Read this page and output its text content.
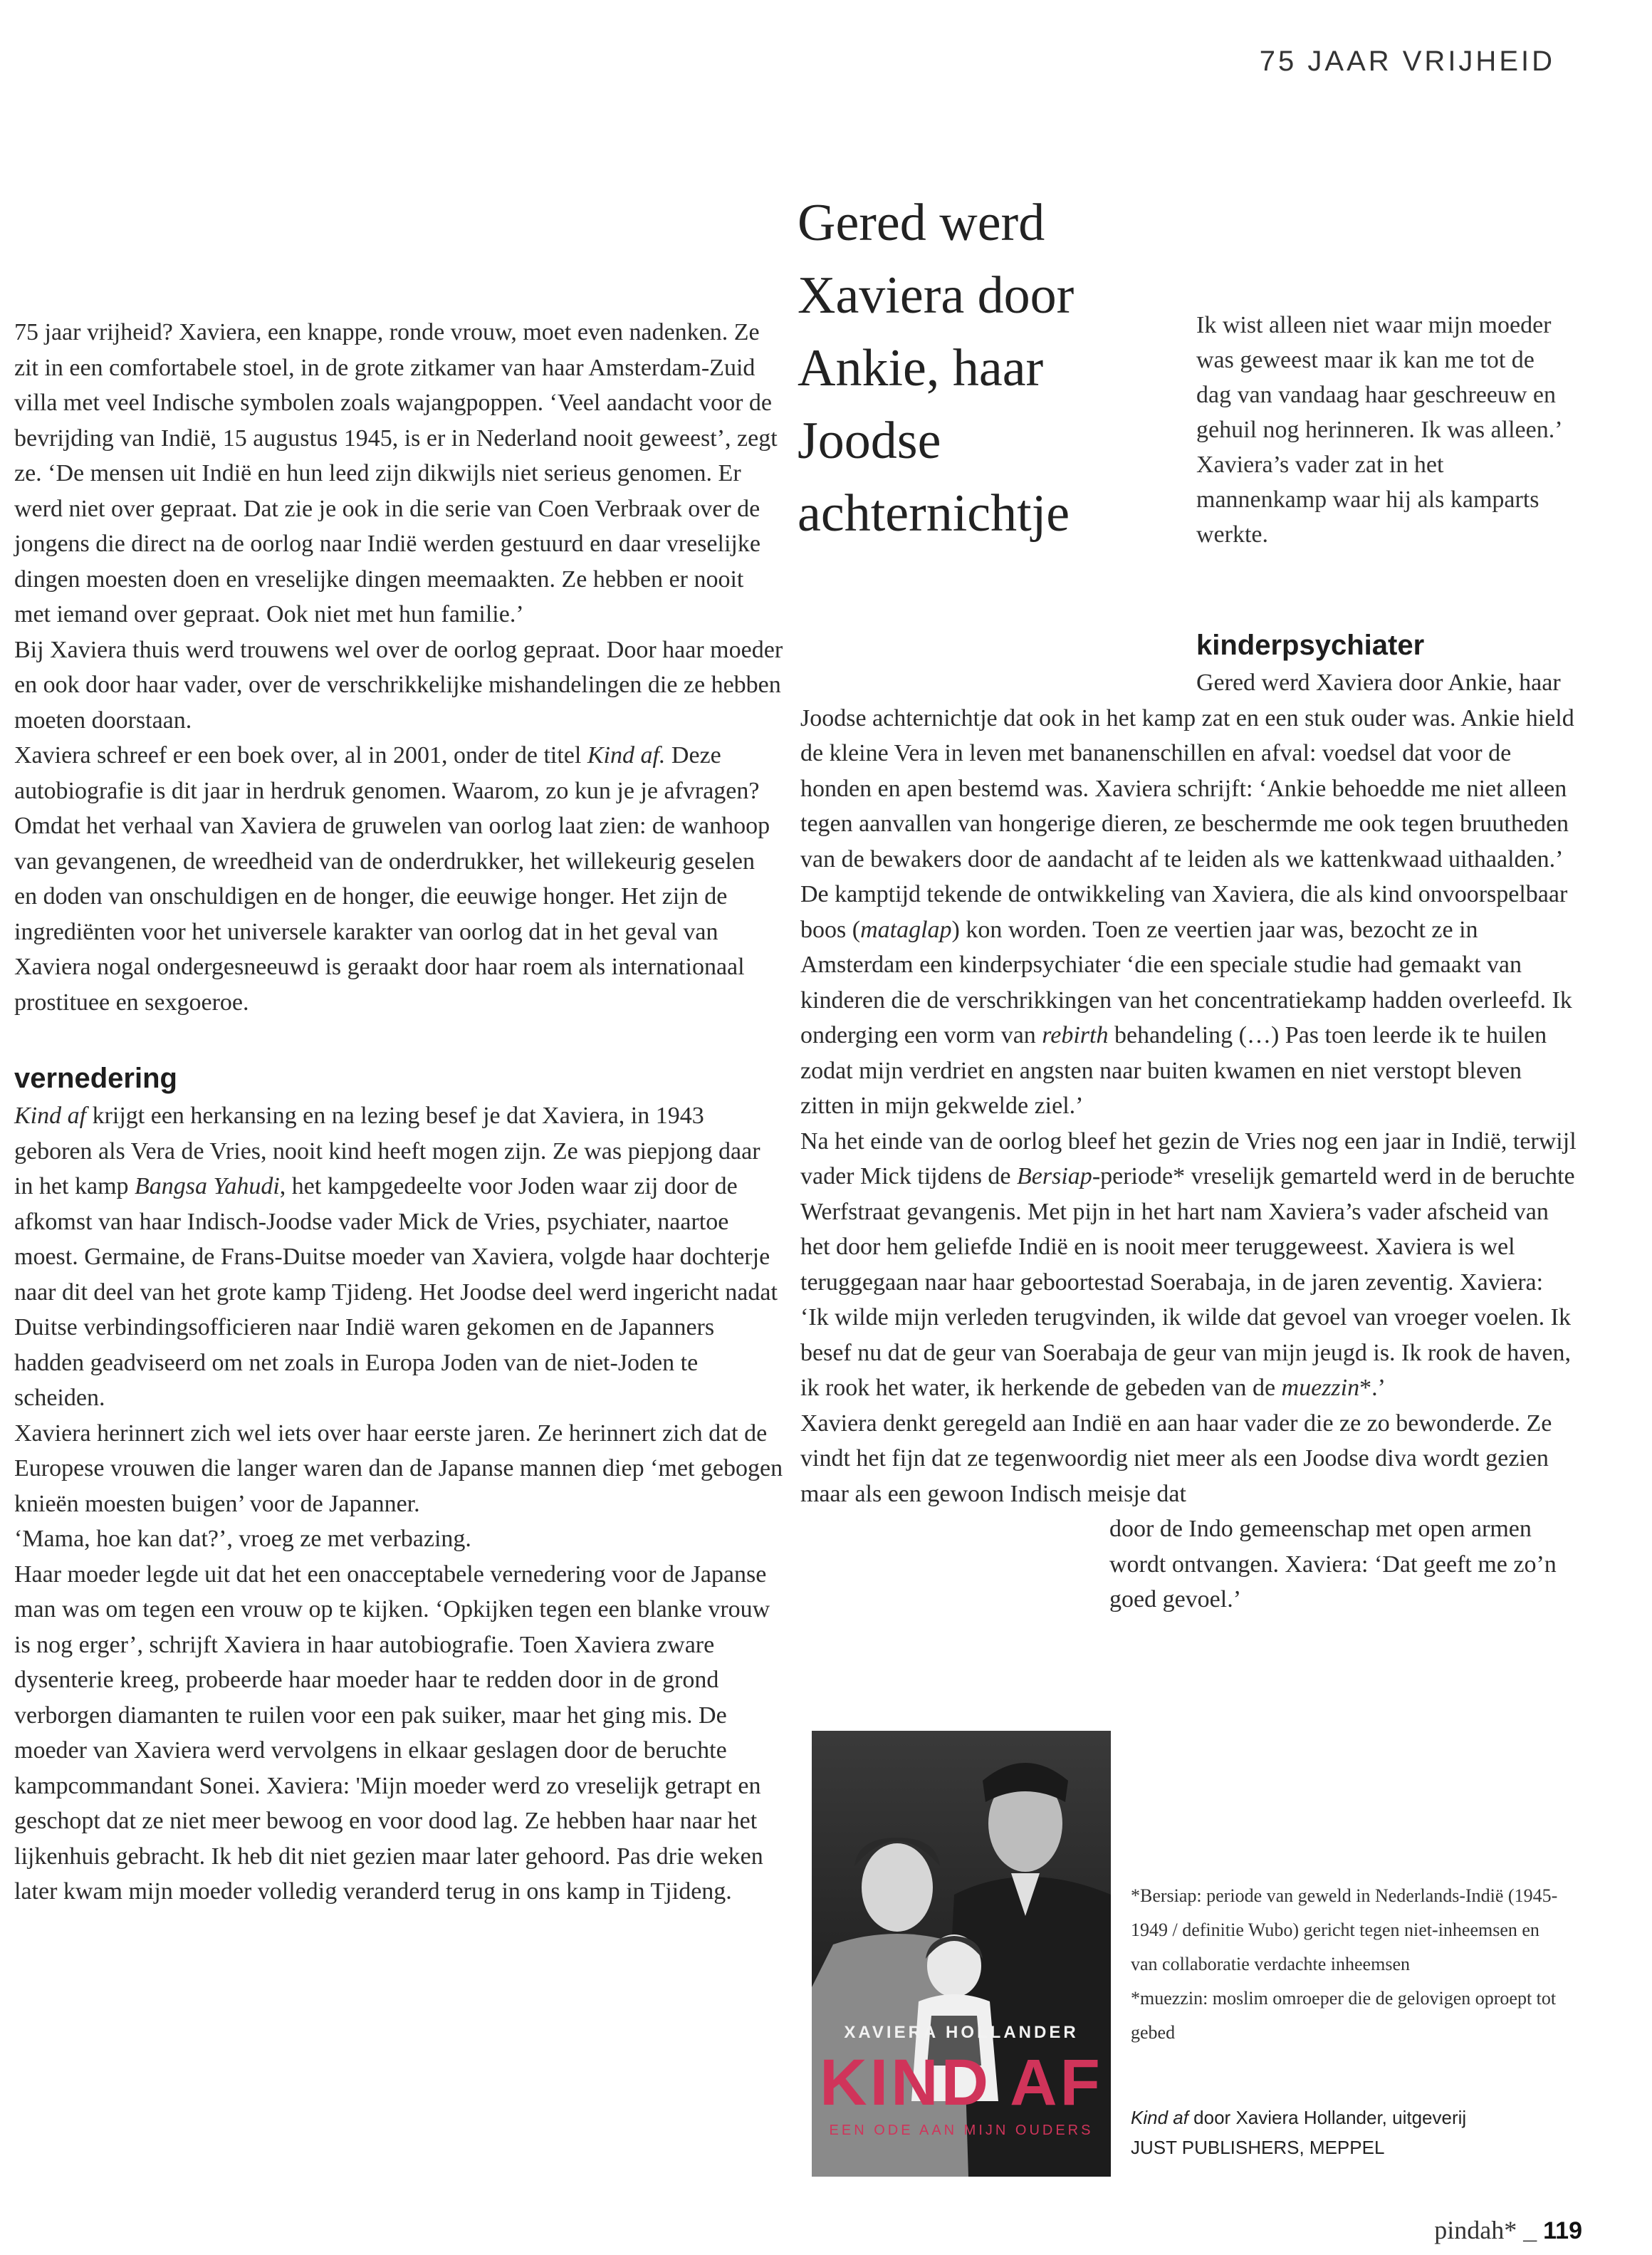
75 JAAR VRIJHEID
Gered werd Xaviera door Ankie, haar Joodse achternichtje
Ik wist alleen niet waar mijn moeder was geweest maar ik kan me tot de dag van vandaag haar geschreeuw en gehuil nog herinneren. Ik was alleen.’ Xaviera’s vader zat in het mannenkamp waar hij als kamparts werkte.

75 jaar vrijheid? Xaviera, een knappe, ronde vrouw, moet even nadenken. Ze zit in een comfortabele stoel, in de grote zitkamer van haar Amsterdam-Zuid villa met veel Indische symbolen zoals wajangpoppen. ‘Veel aandacht voor de bevrijding van Indië, 15 augustus 1945, is er in Nederland nooit geweest’, zegt ze. ‘De mensen uit Indië en hun leed zijn dikwijls niet serieus genomen. Er werd niet over gepraat. Dat zie je ook in die serie van Coen Verbraak over de jongens die direct na de oorlog naar Indië werden gestuurd en daar vreselijke dingen moesten doen en vreselijke dingen meemaakten. Ze hebben er nooit met iemand over gepraat. Ook niet met hun familie.’

Bij Xaviera thuis werd trouwens wel over de oorlog gepraat. Door haar moeder en ook door haar vader, over de verschrikkelijke mishandelingen die ze hebben moeten doorstaan.

Xaviera schreef er een boek over, al in 2001, onder de titel Kind af. Deze autobiografie is dit jaar in herdruk genomen. Waarom, zo kun je je afvragen? Omdat het verhaal van Xaviera de gruwelen van oorlog laat zien: de wanhoop van gevangenen, de wreedheid van de onderdrukker, het willekeurig geselen en doden van onschuldigen en de honger, die eeuwige honger. Het zijn de ingrediënten voor het universele karakter van oorlog dat in het geval van Xaviera nogal ondergesneeuwd is geraakt door haar roem als internationaal prostituee en sexgoeroe.

vernedering

Kind af krijgt een herkansing en na lezing besef je dat Xaviera, in 1943 geboren als Vera de Vries, nooit kind heeft mogen zijn. Ze was piepjong daar in het kamp Bangsa Yahudi, het kampgedeelte voor Joden waar zij door de afkomst van haar Indisch-Joodse vader Mick de Vries, psychiater, naartoe moest. Germaine, de Frans-Duitse moeder van Xaviera, volgde haar dochterje naar dit deel van het grote kamp Tjideng. Het Joodse deel werd ingericht nadat Duitse verbindingsofficieren naar Indië waren gekomen en de Japanners hadden geadviseerd om net zoals in Europa Joden van de niet-Joden te scheiden.

Xaviera herinnert zich wel iets over haar eerste jaren. Ze herinnert zich dat de Europese vrouwen die langer waren dan de Japanse mannen diep ‘met gebogen knieën moesten buigen’ voor de Japanner.

‘Mama, hoe kan dat?’, vroeg ze met verbazing.

Haar moeder legde uit dat het een onacceptabele vernedering voor de Japanse man was om tegen een vrouw op te kijken. ‘Opkijken tegen een blanke vrouw is nog erger’, schrijft Xaviera in haar autobiografie. Toen Xaviera zware dysenterie kreeg, probeerde haar moeder haar te redden door in de grond verborgen diamanten te ruilen voor een pak suiker, maar het ging mis. De moeder van Xaviera werd vervolgens in elkaar geslagen door de beruchte kampcommandant Sonei. Xaviera: 'Mijn moeder werd zo vreselijk getrapt en geschopt dat ze niet meer bewoog en voor dood lag. Ze hebben haar naar het lijkenhuis gebracht. Ik heb dit niet gezien maar later gehoord. Pas drie weken later kwam mijn moeder volledig veranderd terug in ons kamp in Tjideng.

kinderpsychiater

Gered werd Xaviera door Ankie, haar Joodse achternichtje dat ook in het kamp zat en een stuk ouder was. Ankie hield de kleine Vera in leven met bananenschillen en afval: voedsel dat voor de honden en apen bestemd was. Xaviera schrijft: ‘Ankie behoedde me niet alleen tegen aanvallen van hongerige dieren, ze beschermde me ook tegen bruutheden van de bewakers door de aandacht af te leiden als we kattenkwaad uithaalden.’

De kamptijd tekende de ontwikkeling van Xaviera, die als kind onvoorspelbaar boos (mataglap) kon worden. Toen ze veertien jaar was, bezocht ze in Amsterdam een kinderpsychiater ‘die een speciale studie had gemaakt van kinderen die de verschrikkingen van het concentratiekamp hadden overleefd. Ik onderging een vorm van rebirth behandeling (…) Pas toen leerde ik te huilen zodat mijn verdriet en angsten naar buiten kwamen en niet verstopt bleven zitten in mijn gekwelde ziel.’

Na het einde van de oorlog bleef het gezin de Vries nog een jaar in Indië, terwijl vader Mick tijdens de Bersiap-periode* vreselijk gemarteld werd in de beruchte Werfstraat gevangenis. Met pijn in het hart nam Xaviera’s vader afscheid van het door hem geliefde Indië en is nooit meer teruggeweest. Xaviera is wel teruggegaan naar haar geboortestad Soerabaja, in de jaren zeventig. Xaviera: ‘Ik wilde mijn verleden terugvinden, ik wilde dat gevoel van vroeger voelen. Ik besef nu dat de geur van Soerabaja de geur van mijn jeugd is. Ik rook de haven, ik rook het water, ik herkende de gebeden van de muezzin*.’

Xaviera denkt geregeld aan Indië en aan haar vader die ze zo bewonderde. Ze vindt het fijn dat ze tegenwoordig niet meer als een Joodse diva wordt gezien maar als een gewoon Indisch meisje dat

door de Indo gemeenschap met open armen wordt ontvangen. Xaviera: ‘Dat geeft me zo’n goed gevoel.’

XAVIERA HOLLANDER
KIND AF
EEN ODE AAN MIJN OUDERS

*Bersiap: periode van geweld in Nederlands-Indië (1945-1949 / definitie Wubo) gericht tegen niet-inheemsen en van collaboratie verdachte inheemsen

*muezzin: moslim omroeper die de gelovigen oproept tot gebed

Kind af door Xaviera Hollander, uitgeverij

JUST PUBLISHERS, MEPPEL

pindah* _ 119
